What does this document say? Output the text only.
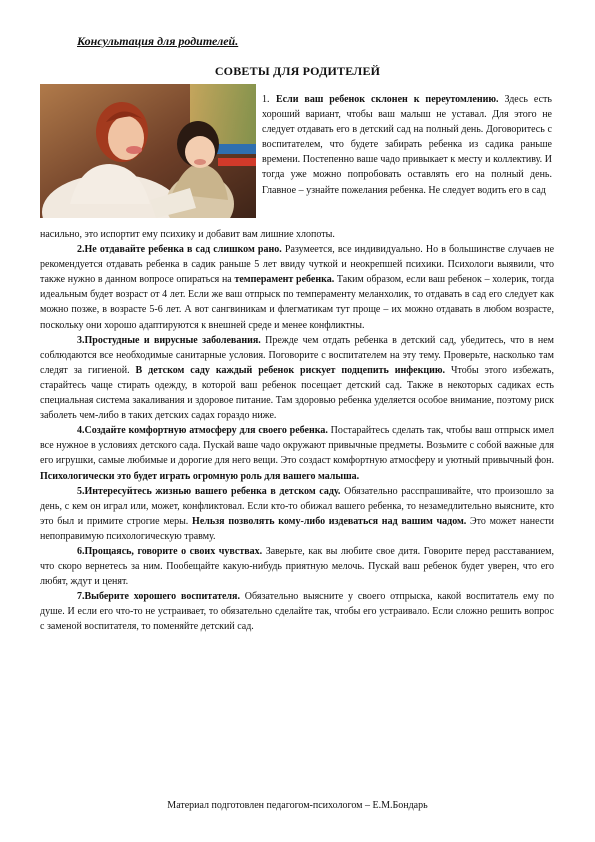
Консультация для родителей.
СОВЕТЫ ДЛЯ РОДИТЕЛЕЙ
1. Если ваш ребенок склонен к переутомлению. Здесь есть хороший вариант, чтобы ваш малыш не уставал. Для этого не следует отдавать его в детский сад на полный день. Договоритесь с воспитателем, что будете забирать ребенка из садика раньше времени. Постепенно ваше чадо привыкает к месту и коллективу. И тогда уже можно попробовать оставлять его на полный день. Главное – узнайте пожелания ребенка. Не следует водить его в сад

насильно, это испортит ему психику и добавит вам лишние хлопоты.

2.Не отдавайте ребенка в сад слишком рано. Разумеется, все индивидуально. Но в большинстве случаев не рекомендуется отдавать ребенка в садик раньше 5 лет ввиду чуткой и неокрепшей психики. Психологи выявили, что также нужно в данном вопросе опираться на темперамент ребенка. Таким образом, если ваш ребенок – холерик, тогда идеальным будет возраст от 4 лет. Если же ваш отпрыск по темпераменту меланхолик, то отдавать в сад его следует как можно позже, в возрасте 5-6 лет. А вот сангвиникам и флегматикам тут проще – их можно отдавать в любом возрасте, поскольку они хорошо адаптируются к внешней среде и менее конфликтны.

3.Простудные и вирусные заболевания. Прежде чем отдать ребенка в детский сад, убедитесь, что в нем соблюдаются все необходимые санитарные условия. Поговорите с воспитателем на эту тему. Проверьте, насколько там следят за гигиеной. В детском саду каждый ребенок рискует подцепить инфекцию. Чтобы этого избежать, старайтесь чаще стирать одежду, в которой ваш ребенок посещает детский сад. Также в некоторых садиках есть специальная система закаливания и здоровое питание. Там здоровью ребенка уделяется особое внимание, поэтому риск заболеть чем-либо в таких детских садах гораздо ниже.

4.Создайте комфортную атмосферу для своего ребенка. Постарайтесь сделать так, чтобы ваш отпрыск имел все нужное в условиях детского сада. Пускай ваше чадо окружают привычные предметы. Возьмите с собой важные для его игрушки, самые любимые и дорогие для него вещи. Это создаст комфортную атмосферу и уютный привычный фон. Психологически это будет играть огромную роль для вашего малыша.

5.Интересуйтесь жизнью вашего ребенка в детском саду. Обязательно расспрашивайте, что произошло за день, с кем он играл или, может, конфликтовал. Если кто-то обижал вашего ребенка, то незамедлительно выясните, кто это был и примите строгие меры. Нельзя позволять кому-либо издеваться над вашим чадом. Это может нанести непоправимую психологическую травму.

6.Прощаясь, говорите о своих чувствах. Заверьте, как вы любите свое дитя. Говорите перед расставанием, что скоро вернетесь за ним. Пообещайте какую-нибудь приятную мелочь. Пускай ваш ребенок будет уверен, что его любят, ждут и ценят.

7.Выберите хорошего воспитателя. Обязательно выясните у своего отпрыска, какой воспитатель ему по душе. И если его что-то не устраивает, то обязательно сделайте так, чтобы его устраивало. Если сложно решить вопрос с заменой воспитателя, то поменяйте детский сад.

Материал подготовлен педагогом-психологом – Е.М.Бондарь
